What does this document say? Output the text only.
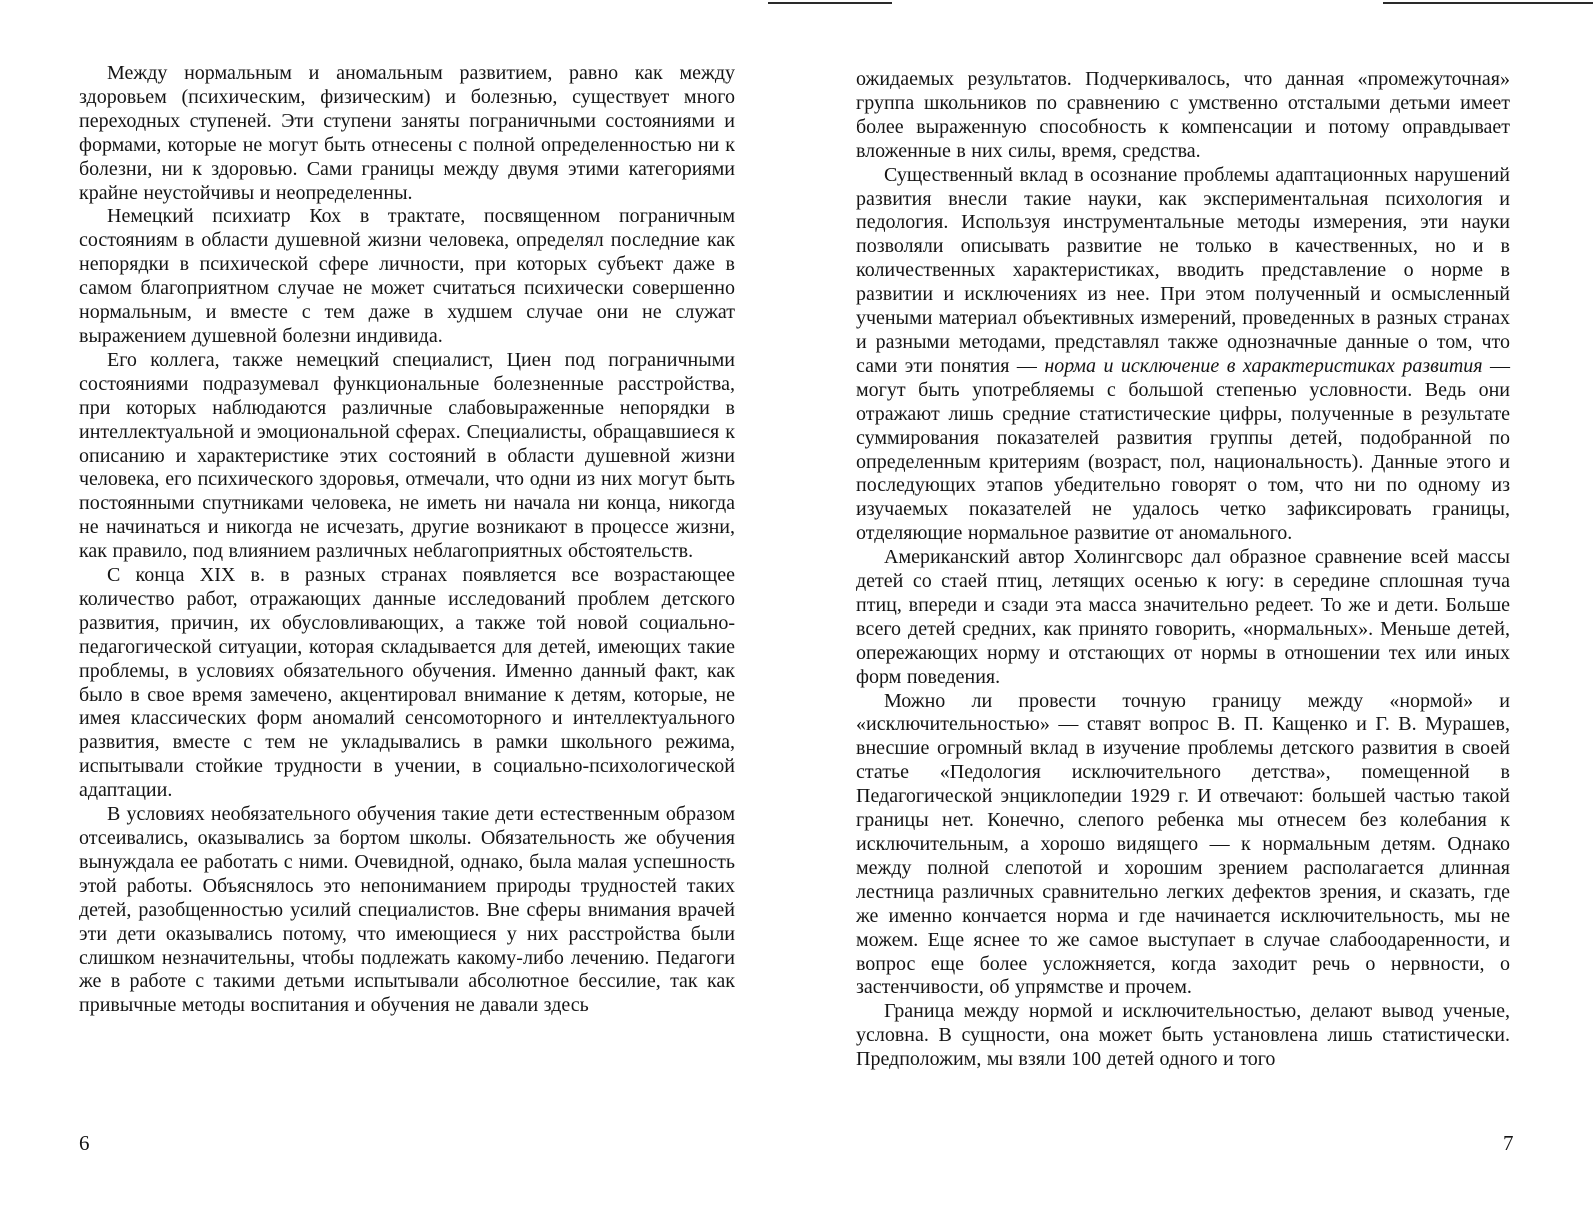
Между нормальным и аномальным развитием, равно как между здоровьем (психическим, физическим) и болезнью, существует много переходных ступеней. Эти ступени заняты пограничными состояниями и формами, которые не могут быть отнесены с полной определенностью ни к болезни, ни к здоровью. Сами границы между двумя этими категориями крайне неустойчивы и неопределенны.

Немецкий психиатр Кох в трактате, посвященном пограничным состояниям в области душевной жизни человека, определял последние как непорядки в психической сфере личности, при которых субъект даже в самом благоприятном случае не может считаться психически совершенно нормальным, и вместе с тем даже в худшем случае они не служат выражением душевной болезни индивида.

Его коллега, также немецкий специалист, Циен под пограничными состояниями подразумевал функциональные болезненные расстройства, при которых наблюдаются различные слабовыраженные непорядки в интеллектуальной и эмоциональной сферах. Специалисты, обращавшиеся к описанию и характеристике этих состояний в области душевной жизни человека, его психического здоровья, отмечали, что одни из них могут быть постоянными спутниками человека, не иметь ни начала ни конца, никогда не начинаться и никогда не исчезать, другие возникают в процессе жизни, как правило, под влиянием различных неблагоприятных обстоятельств.

С конца XIX в. в разных странах появляется все возрастающее количество работ, отражающих данные исследований проблем детского развития, причин, их обусловливающих, а также той новой социально-педагогической ситуации, которая складывается для детей, имеющих такие проблемы, в условиях обязательного обучения. Именно данный факт, как было в свое время замечено, акцентировал внимание к детям, которые, не имея классических форм аномалий сенсомоторного и интеллектуального развития, вместе с тем не укладывались в рамки школьного режима, испытывали стойкие трудности в учении, в социально-психологической адаптации.

В условиях необязательного обучения такие дети естественным образом отсеивались, оказывались за бортом школы. Обязательность же обучения вынуждала ее работать с ними. Очевидной, однако, была малая успешность этой работы. Объяснялось это непониманием природы трудностей таких детей, разобщенностью усилий специалистов. Вне сферы внимания врачей эти дети оказывались потому, что имеющиеся у них расстройства были слишком незначительны, чтобы подлежать какому-либо лечению. Педагоги же в работе с такими детьми испытывали абсолютное бессилие, так как привычные методы воспитания и обучения не давали здесь

6

ожидаемых результатов. Подчеркивалось, что данная «промежуточная» группа школьников по сравнению с умственно отсталыми детьми имеет более выраженную способность к компенсации и потому оправдывает вложенные в них силы, время, средства.

Существенный вклад в осознание проблемы адаптационных нарушений развития внесли такие науки, как экспериментальная психология и педология. Используя инструментальные методы измерения, эти науки позволяли описывать развитие не только в качественных, но и в количественных характеристиках, вводить представление о норме в развитии и исключениях из нее. При этом полученный и осмысленный учеными материал объективных измерений, проведенных в разных странах и разными методами, представлял также однозначные данные о том, что сами эти понятия — норма и исключение в характеристиках развития — могут быть употребляемы с большой степенью условности. Ведь они отражают лишь средние статистические цифры, полученные в результате суммирования показателей развития группы детей, подобранной по определенным критериям (возраст, пол, национальность). Данные этого и последующих этапов убедительно говорят о том, что ни по одному из изучаемых показателей не удалось четко зафиксировать границы, отделяющие нормальное развитие от аномального.

Американский автор Холингсворс дал образное сравнение всей массы детей со стаей птиц, летящих осенью к югу: в середине сплошная туча птиц, впереди и сзади эта масса значительно редеет. То же и дети. Больше всего детей средних, как принято говорить, «нормальных». Меньше детей, опережающих норму и отстающих от нормы в отношении тех или иных форм поведения.

Можно ли провести точную границу между «нормой» и «исключительностью» — ставят вопрос В. П. Кащенко и Г. В. Мурашев, внесшие огромный вклад в изучение проблемы детского развития в своей статье «Педология исключительного детства», помещенной в Педагогической энциклопедии 1929 г. И отвечают: большей частью такой границы нет. Конечно, слепого ребенка мы отнесем без колебания к исключительным, а хорошо видящего — к нормальным детям. Однако между полной слепотой и хорошим зрением располагается длинная лестница различных сравнительно легких дефектов зрения, и сказать, где же именно кончается норма и где начинается исключительность, мы не можем. Еще яснее то же самое выступает в случае слабоодаренности, и вопрос еще более усложняется, когда заходит речь о нервности, о застенчивости, об упрямстве и прочем.

Граница между нормой и исключительностью, делают вывод ученые, условна. В сущности, она может быть установлена лишь статистически. Предположим, мы взяли 100 детей одного и того

7
